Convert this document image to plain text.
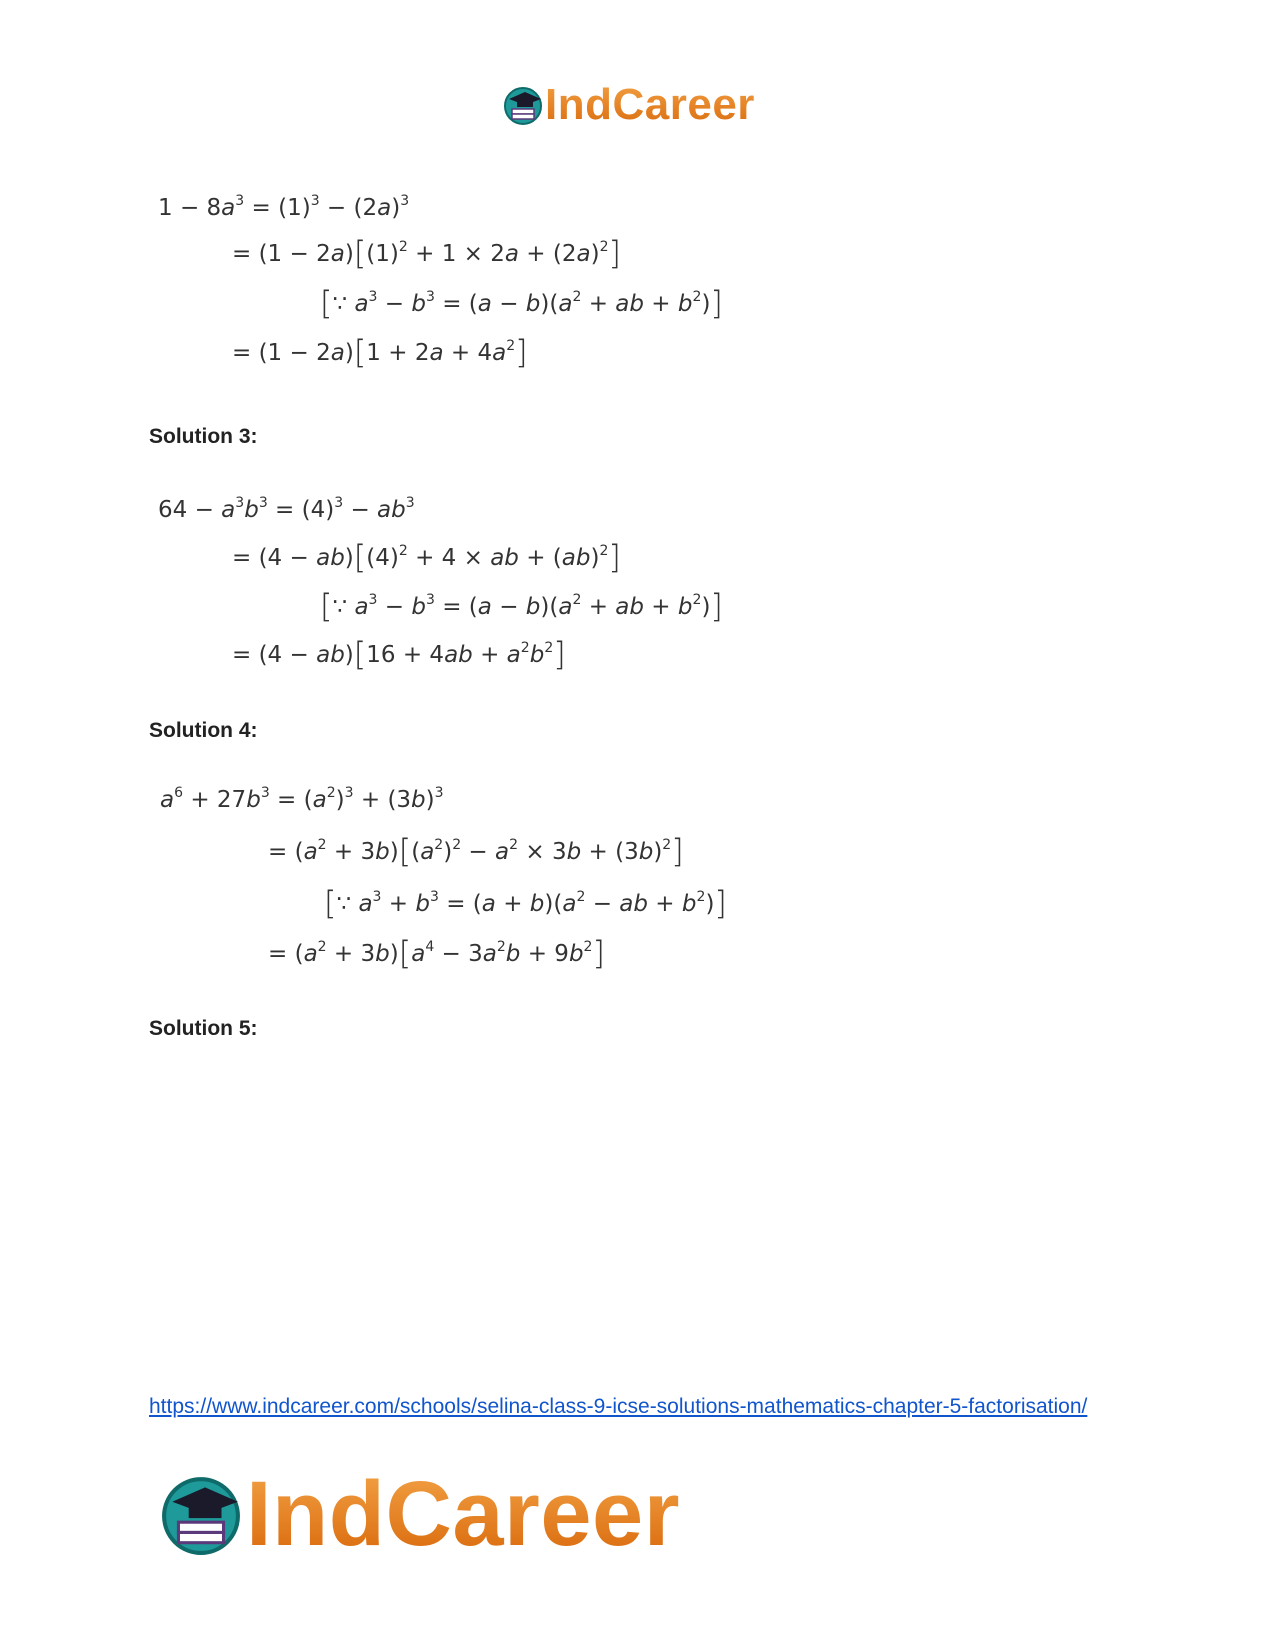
IndCareer
$1 - 8a^3 = (1)^3 - (2a)^3$
= $(1 - 2a)[(1)^2 + 1 \times 2a + (2a)^2]$
[∵ $a^3 - b^3 = (a - b)(a^2$ + ab + $b^2$)]
= $(1 - 2a)[1 + 2a + 4a^2]$
Solution 3:
$64 - a^3b^3 = (4)^3 - ab^3$
= $(4 - ab)[(4)^2 + 4$ × ab + (ab)$^2$]
[∵ $a^3 - b^3 = (a - b)(a^2$ + ab + $b^2$)]
= $(4 - ab)[16 + 4ab + a^2b^2]$
Solution 4:
$a^6 + 27b^3 = (a^2)^3 + (3b)^3$
= $(a^2 + 3b)[(a^2)^2 - a^2 \times 3b + (3b)^2]$
[∵ $a^3 + b^3 = (a + b)(a^2$ − ab + $b^2$)]
= $(a^2 + 3b)[a^4 - 3a^2b + 9b^2]$
Solution 5:
https://www.indcareer.com/schools/selina-class-9-icse-solutions-mathematics-chapter-5-factorisation/
IndCareer
